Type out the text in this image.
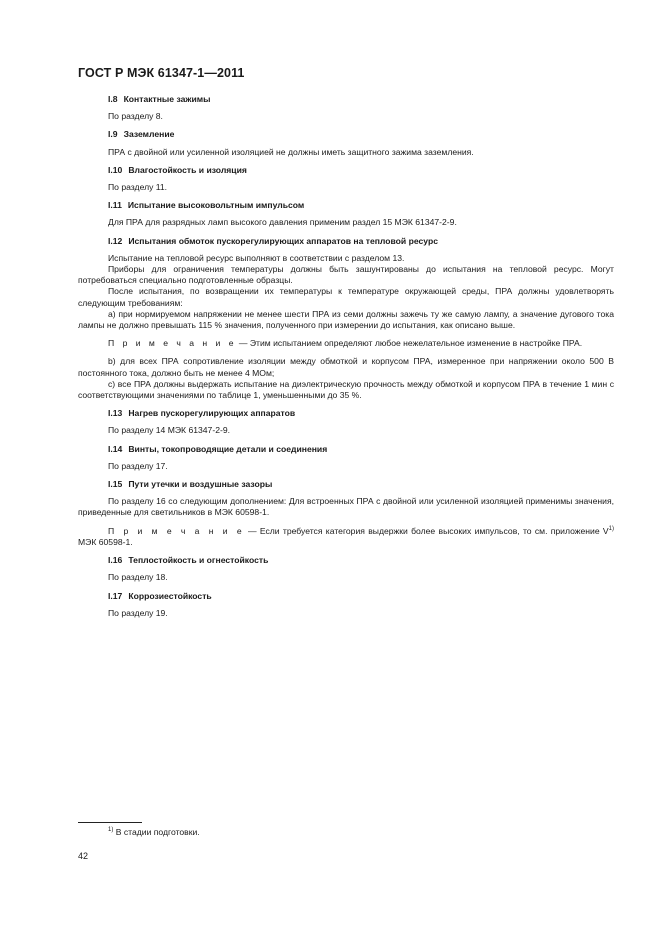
ГОСТ Р МЭК 61347-1—2011
I.8 Контактные зажимы

По разделу 8.

I.9 Заземление

ПРА с двойной или усиленной изоляцией не должны иметь защитного зажима заземления.

I.10 Влагостойкость и изоляция

По разделу 11.

I.11 Испытание высоковольтным импульсом

Для ПРА для разрядных ламп высокого давления применим раздел 15 МЭК 61347-2-9.

I.12 Испытания обмоток пускорегулирующих аппаратов на тепловой ресурс

Испытание на тепловой ресурс выполняют в соответствии с разделом 13.

Приборы для ограничения температуры должны быть зашунтированы до испытания на тепловой ресурс. Могут потребоваться специально подготовленные образцы.

После испытания, по возвращении их температуры к температуре окружающей среды, ПРА должны удовлетворять следующим требованиям:

а) при нормируемом напряжении не менее шести ПРА из семи должны зажечь ту же самую лампу, а значение дугового тока лампы не должно превышать 115 % значения, полученного при измерении до испытания, как описано выше.

П р и м е ч а н и е — Этим испытанием определяют любое нежелательное изменение в настройке ПРА.

b) для всех ПРА сопротивление изоляции между обмоткой и корпусом ПРА, измеренное при напряжении около 500 В постоянного тока, должно быть не менее 4 МОм;

с) все ПРА должны выдержать испытание на диэлектрическую прочность между обмоткой и корпусом ПРА в течение 1 мин с соответствующими значениями по таблице 1, уменьшенными до 35 %.

I.13 Нагрев пускорегулирующих аппаратов

По разделу 14 МЭК 61347-2-9.

I.14 Винты, токопроводящие детали и соединения

По разделу 17.

I.15 Пути утечки и воздушные зазоры

По разделу 16 со следующим дополнением: Для встроенных ПРА с двойной или усиленной изоляцией применимы значения, приведенные для светильников в МЭК 60598-1.

П р и м е ч а н и е — Если требуется категория выдержки более высоких импульсов, то см. приложение $V^{1)}$ МЭК 60598-1.

I.16 Теплостойкость и огнестойкость

По разделу 18.

I.17 Коррозиестойкость

По разделу 19.

$^{1)}$ В стадии подготовки.
42
